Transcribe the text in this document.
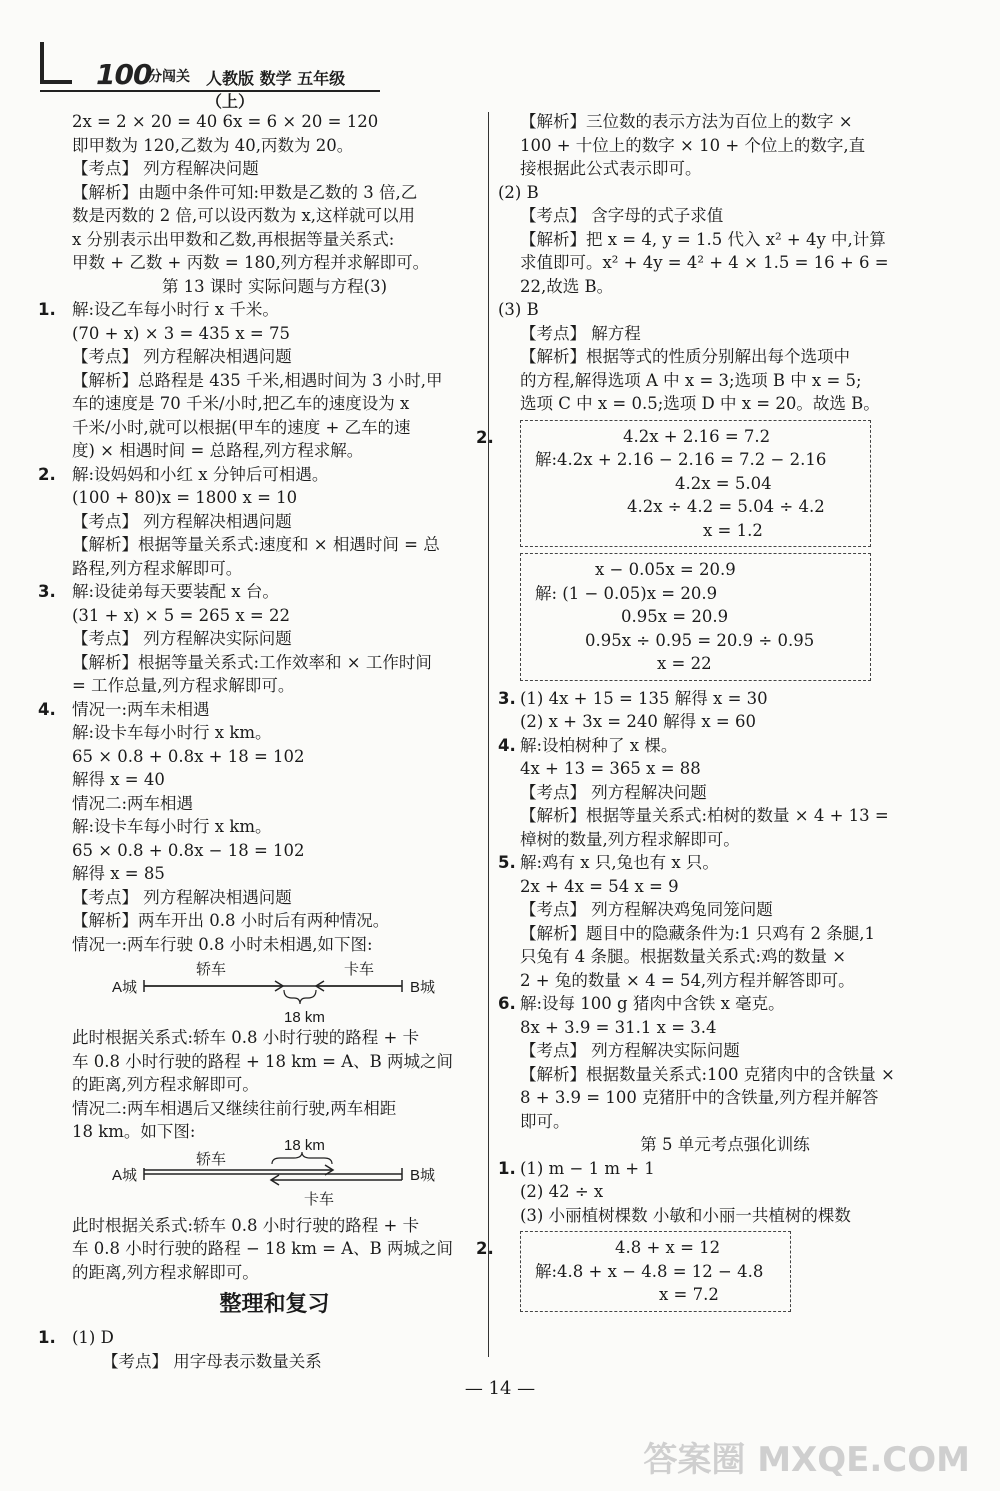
100
分闯关 人教版 数学 五年级（上）
2x = 2 × 20 = 40 6x = 6 × 20 = 120
即甲数为 120,乙数为 40,丙数为 20。
【考点】 列方程解决问题
【解析】由题中条件可知:甲数是乙数的 3 倍,乙
数是丙数的 2 倍,可以设丙数为 x,这样就可以用
x 分别表示出甲数和乙数,再根据等量关系式:
甲数 + 乙数 + 丙数 = 180,列方程并求解即可。
第 13 课时 实际问题与方程(3)
1. 解:设乙车每小时行 x 千米。
(70 + x) × 3 = 435 x = 75
【考点】 列方程解决相遇问题
【解析】总路程是 435 千米,相遇时间为 3 小时,甲
车的速度是 70 千米/小时,把乙车的速度设为 x
千米/小时,就可以根据(甲车的速度 + 乙车的速
度) × 相遇时间 = 总路程,列方程求解。
2. 解:设妈妈和小红 x 分钟后可相遇。
(100 + 80)x = 1800 x = 10
【考点】 列方程解决相遇问题
【解析】根据等量关系式:速度和 × 相遇时间 = 总
路程,列方程求解即可。
3. 解:设徒弟每天要装配 x 台。
(31 + x) × 5 = 265 x = 22
【考点】 列方程解决实际问题
【解析】根据等量关系式:工作效率和 × 工作时间
= 工作总量,列方程求解即可。
4. 情况一:两车未相遇
解:设卡车每小时行 x km。
65 × 0.8 + 0.8x + 18 = 102
解得 x = 40
情况二:两车相遇
解:设卡车每小时行 x km。
65 × 0.8 + 0.8x − 18 = 102
解得 x = 85
【考点】 列方程解决相遇问题
【解析】两车开出 0.8 小时后有两种情况。
情况一:两车行驶 0.8 小时未相遇,如下图:
轿车	卡车
A城	B城
18 km
此时根据关系式:轿车 0.8 小时行驶的路程 + 卡
车 0.8 小时行驶的路程 + 18 km = A、B 两城之间
的距离,列方程求解即可。
情况二:两车相遇后又继续往前行驶,两车相距
18 km。如下图:
轿车
卡车
A城	B城
18 km
此时根据关系式:轿车 0.8 小时行驶的路程 + 卡
车 0.8 小时行驶的路程 − 18 km = A、B 两城之间
的距离,列方程求解即可。
整理和复习
1. (1) D
【考点】 用字母表示数量关系
【解析】三位数的表示方法为百位上的数字 ×
100 + 十位上的数字 × 10 + 个位上的数字,直
接根据此公式表示即可。
(2) B
【考点】 含字母的式子求值
【解析】把 x = 4, y = 1.5 代入 x² + 4y 中,计算
求值即可。x² + 4y = 4² + 4 × 1.5 = 16 + 6 =
22,故选 B。
(3) B
【考点】 解方程
【解析】根据等式的性质分别解出每个选项中
的方程,解得选项 A 中 x = 3;选项 B 中 x = 5;
选项 C 中 x = 0.5;选项 D 中 x = 20。故选 B。
2.	4.2x + 2.16 = 7.2
解:4.2x + 2.16 − 2.16 = 7.2 − 2.16
4.2x = 5.04
4.2x ÷ 4.2 = 5.04 ÷ 4.2
x = 1.2
x − 0.05x = 20.9
解: (1 − 0.05)x = 20.9
0.95x = 20.9
0.95x ÷ 0.95 = 20.9 ÷ 0.95
x = 22
3. (1) 4x + 15 = 135 解得 x = 30
(2) x + 3x = 240 解得 x = 60
4. 解:设柏树种了 x 棵。
4x + 13 = 365 x = 88
【考点】 列方程解决问题
【解析】根据等量关系式:柏树的数量 × 4 + 13 =
樟树的数量,列方程求解即可。
5. 解:鸡有 x 只,兔也有 x 只。
2x + 4x = 54 x = 9
【考点】 列方程解决鸡兔同笼问题
【解析】题目中的隐藏条件为:1 只鸡有 2 条腿,1
只兔有 4 条腿。根据数量关系式:鸡的数量 ×
2 + 兔的数量 × 4 = 54,列方程并解答即可。
6. 解:设每 100 g 猪肉中含铁 x 毫克。
8x + 3.9 = 31.1 x = 3.4
【考点】 列方程解决实际问题
【解析】根据数量关系式:100 克猪肉中的含铁量 ×
8 + 3.9 = 100 克猪肝中的含铁量,列方程并解答
即可。
第 5 单元考点强化训练
1. (1) m − 1 m + 1
(2) 42 ÷ x
(3) 小丽植树棵数 小敏和小丽一共植树的棵数
2.	4.8 + x = 12
解:4.8 + x − 4.8 = 12 − 4.8
x = 7.2
— 14 —
答案圈 MXQE.COM
